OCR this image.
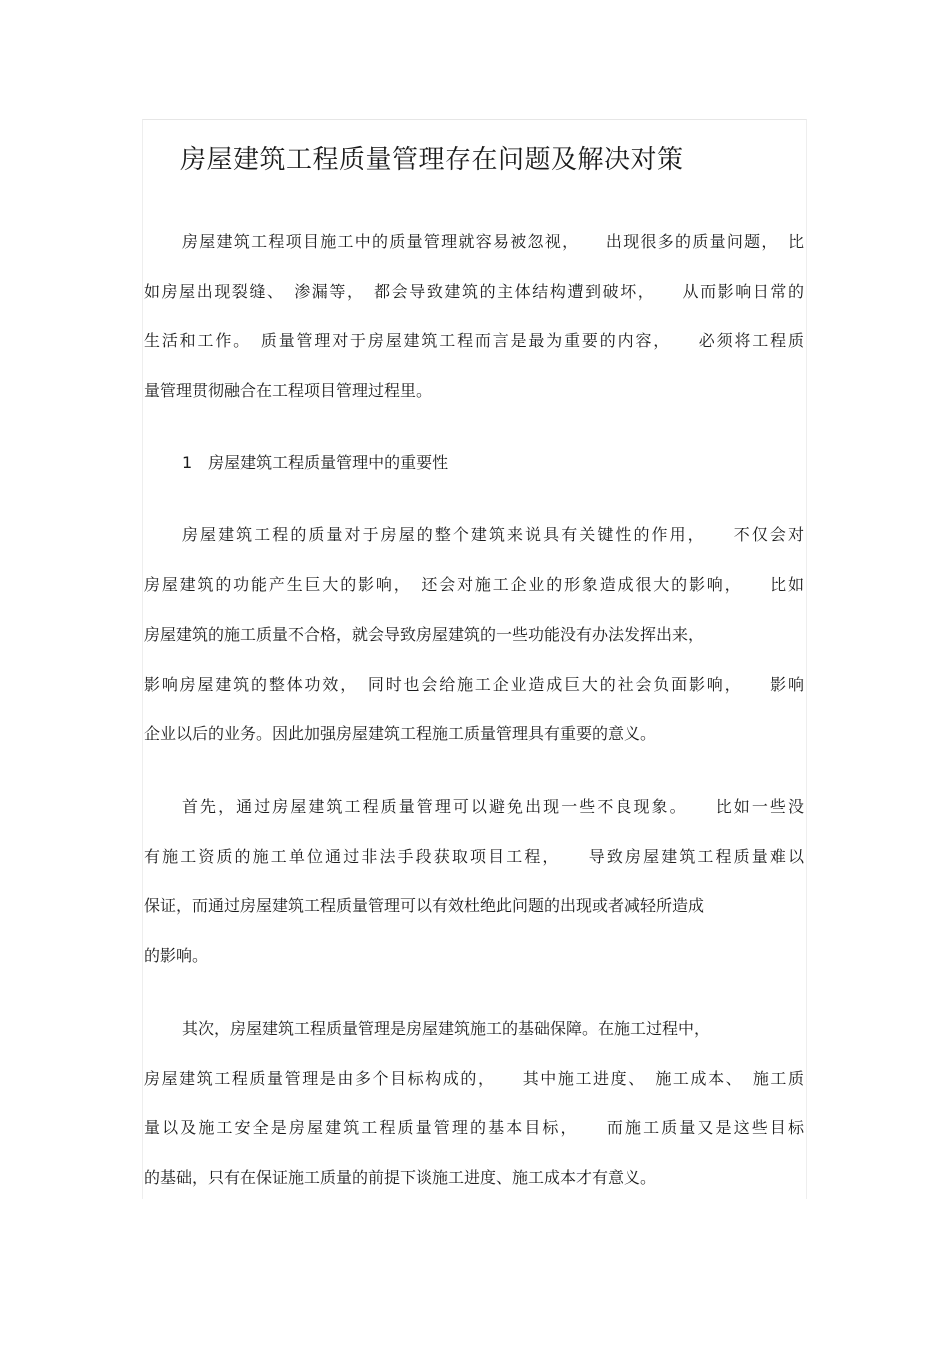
房屋建筑工程质量管理存在问题及解决对策
房屋建筑工程项目施工中的质量管理就容易被忽视，　　出现很多的质量问题，　比
如房屋出现裂缝、　渗漏等，　都会导致建筑的主体结构遭到破坏，　　从而影响日常的
生活和工作。　质量管理对于房屋建筑工程而言是最为重要的内容，　　必须将工程质
量管理贯彻融合在工程项目管理过程里。
1　房屋建筑工程质量管理中的重要性
房屋建筑工程的质量对于房屋的整个建筑来说具有关键性的作用，　　不仅会对
房屋建筑的功能产生巨大的影响，　还会对施工企业的形象造成很大的影响，　　比如
房屋建筑的施工质量不合格，就会导致房屋建筑的一些功能没有办法发挥出来，
影响房屋建筑的整体功效，　同时也会给施工企业造成巨大的社会负面影响，　　影响
企业以后的业务。因此加强房屋建筑工程施工质量管理具有重要的意义。
首先，通过房屋建筑工程质量管理可以避免出现一些不良现象。　　比如一些没
有施工资质的施工单位通过非法手段获取项目工程，　　导致房屋建筑工程质量难以
保证，而通过房屋建筑工程质量管理可以有效杜绝此问题的出现或者减轻所造成
的影响。
其次，房屋建筑工程质量管理是房屋建筑施工的基础保障。在施工过程中，
房屋建筑工程质量管理是由多个目标构成的，　　其中施工进度、　施工成本、　施工质
量以及施工安全是房屋建筑工程质量管理的基本目标，　　而施工质量又是这些目标
的基础，只有在保证施工质量的前提下谈施工进度、施工成本才有意义。
